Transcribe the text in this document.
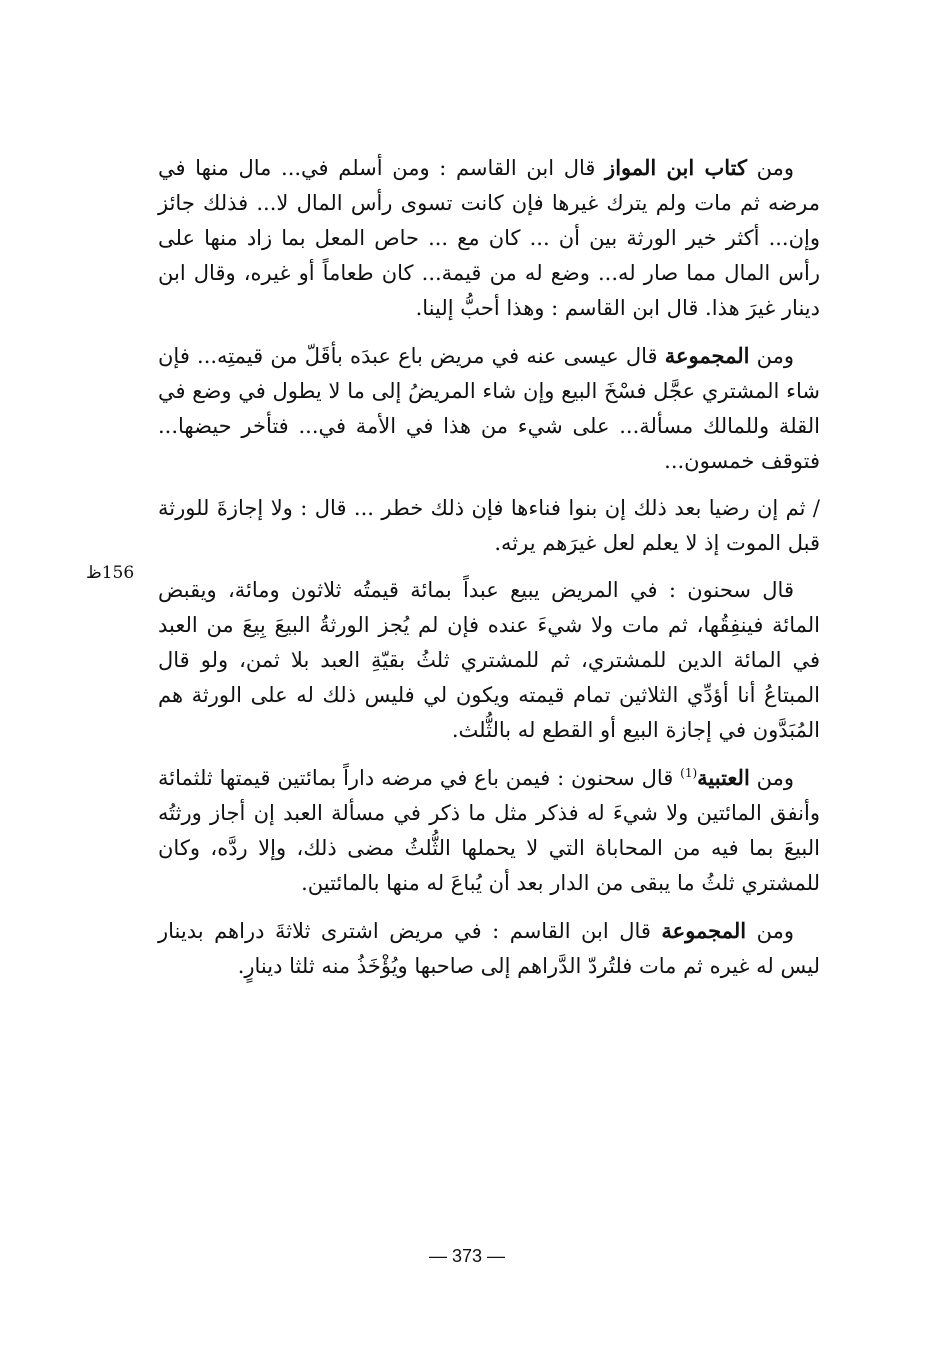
156ظ

ومن كتاب ابن المواز قال ابن القاسم : ومن أسلم في... مال منها في مرضه ثم مات ولم يترك غيرها فإن كانت تسوى رأس المال لا... فذلك جائز وإن... أكثر خير الورثة بين أن ... كان مع ... حاص المعل بما زاد منها على رأس المال مما صار له... وضع له من قيمة... كان طعاماً أو غيره، وقال ابن دينار غيرَ هذا. قال ابن القاسم : وهذا أحبُّ إلينا.

ومن المجموعة قال عيسى عنه في مريض باع عبدَه بأقَلّ من قيمتِه... فإن شاء المشتري عجَّل فسْخَ البيع وإن شاء المريضُ إلى ما لا يطول في وضع في القلة وللمالك مسألة... على شيء من هذا في الأمة في... فتأخر حيضها... فتوقف خمسون...

/ ثم إن رضيا بعد ذلك إن بنوا فناءها فإن ذلك خطر ... قال : ولا إجازةَ للورثة قبل الموت إذ لا يعلم لعل غيرَهم يرثه.

قال سحنون : في المريض يبيع عبداً بمائة قيمتُه ثلاثون ومائة، ويقبض المائة فينفِقُها، ثم مات ولا شيءَ عنده فإن لم يُجز الورثةُ البيعَ بِيعَ من العبد في المائة الدين للمشتري، ثم للمشتري ثلثُ بقيّةِ العبد بلا ثمن، ولو قال المبتاعُ أنا أؤدِّي الثلاثين تمام قيمته ويكون لي فليس ذلك له على الورثة هم المُبَدَّون في إجازة البيع أو القطع له بالثُّلث.

ومن العتبية$^{(1)}$ قال سحنون : فيمن باع في مرضه داراً بمائتين قيمتها ثلثمائة وأنفق المائتين ولا شيءَ له فذكر مثل ما ذكر في مسألة العبد إن أجاز ورثتُه البيعَ بما فيه من المحاباة التي لا يحملها الثُّلثُ مضى ذلك، وإلا ردَّه، وكان للمشتري ثلثُ ما يبقى من الدار بعد أن يُباعَ له منها بالمائتين.

ومن المجموعة قال ابن القاسم : في مريض اشترى ثلاثةَ دراهم بدينار ليس له غيره ثم مات فلتُردّ الدَّراهم إلى صاحبها ويُؤْخَذُ منه ثلثا دينارٍ.

— 373 —
